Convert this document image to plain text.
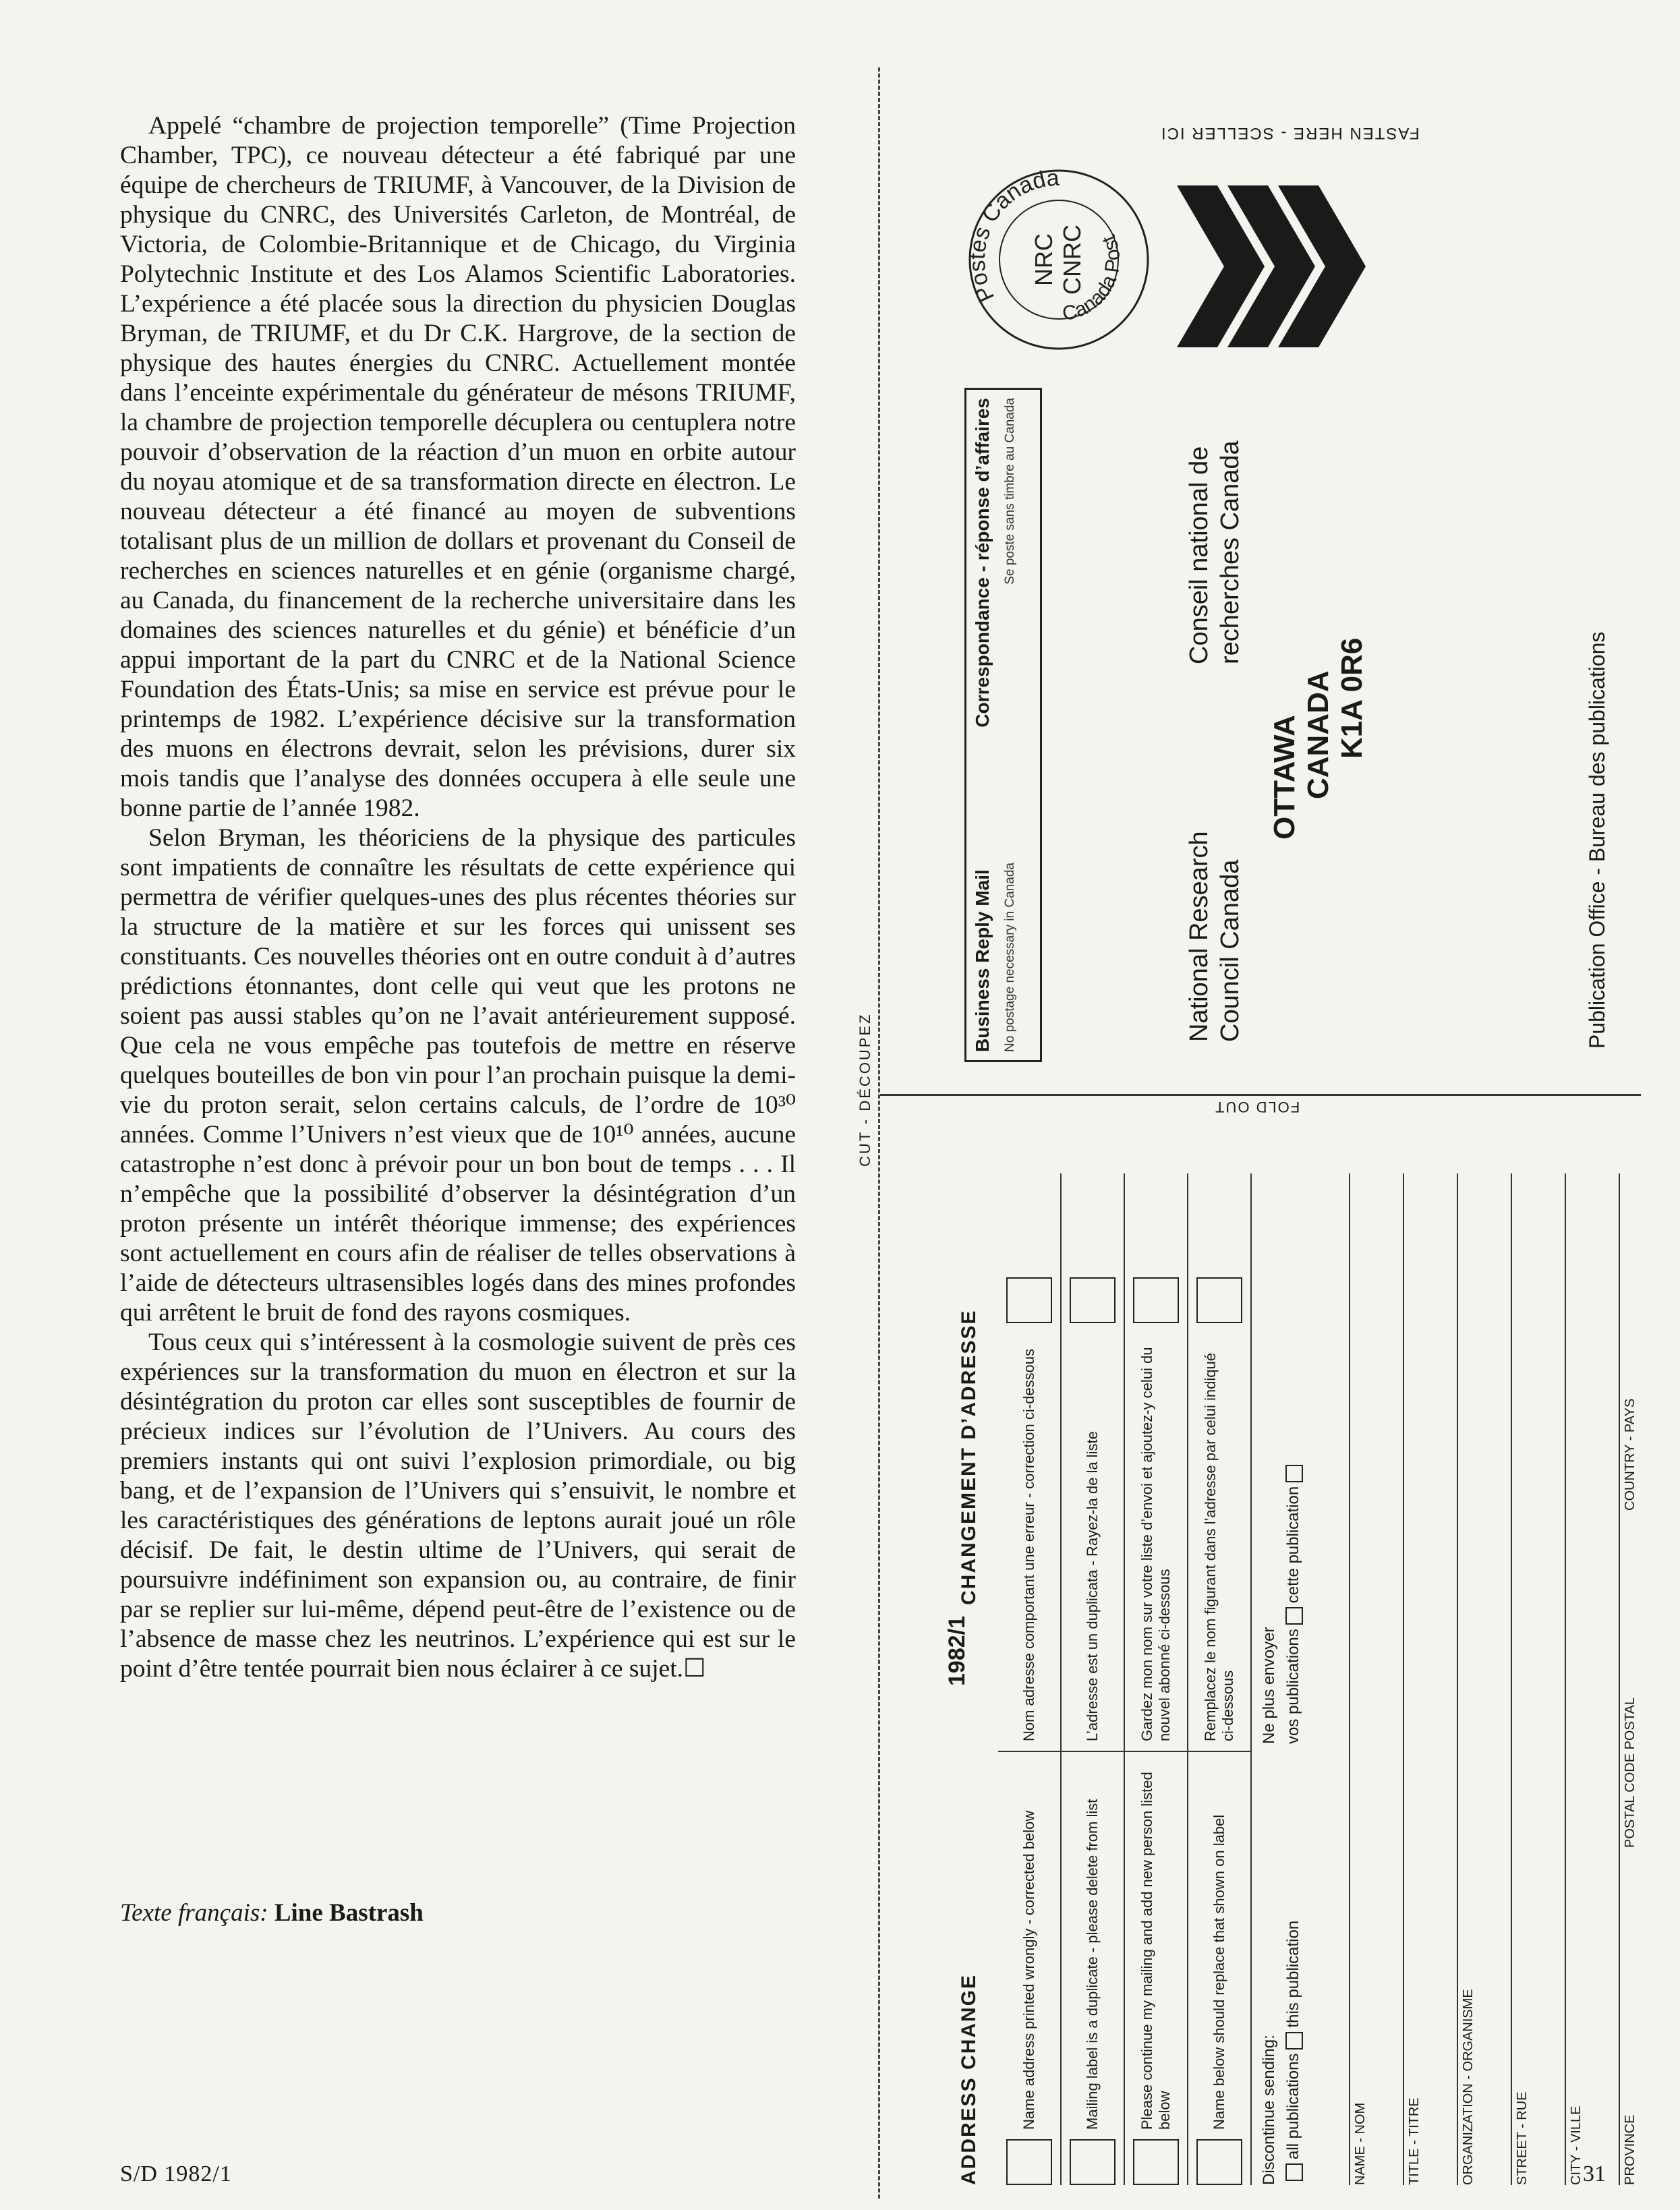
Appelé “chambre de projection temporelle” (Time Projection Chamber, TPC), ce nouveau détecteur a été fabriqué par une équipe de chercheurs de TRIUMF, à Vancouver, de la Division de physique du CNRC, des Universités Carleton, de Montréal, de Victoria, de Colombie-Britannique et de Chicago, du Virginia Polytechnic Institute et des Los Alamos Scientific Laboratories. L’expérience a été placée sous la direction du physicien Douglas Bryman, de TRIUMF, et du Dr C.K. Hargrove, de la section de physique des hautes énergies du CNRC. Actuellement montée dans l’enceinte expérimentale du générateur de mésons TRIUMF, la chambre de projection temporelle décuplera ou centuplera notre pouvoir d’observation de la réaction d’un muon en orbite autour du noyau atomique et de sa transformation directe en électron. Le nouveau détecteur a été financé au moyen de subventions totalisant plus de un million de dollars et provenant du Conseil de recherches en sciences naturelles et en génie (organisme chargé, au Canada, du financement de la recherche universitaire dans les domaines des sciences naturelles et du génie) et bénéficie d’un appui important de la part du CNRC et de la National Science Foundation des États-Unis; sa mise en service est prévue pour le printemps de 1982. L’expérience décisive sur la transformation des muons en électrons devrait, selon les prévisions, durer six mois tandis que l’analyse des données occupera à elle seule une bonne partie de l’année 1982.

Selon Bryman, les théoriciens de la physique des particules sont impatients de connaître les résultats de cette expérience qui permettra de vérifier quelques-unes des plus récentes théories sur la structure de la matière et sur les forces qui unissent ses constituants. Ces nouvelles théories ont en outre conduit à d’autres prédictions étonnantes, dont celle qui veut que les protons ne soient pas aussi stables qu’on ne l’avait antérieurement supposé. Que cela ne vous empêche pas toutefois de mettre en réserve quelques bouteilles de bon vin pour l’an prochain puisque la demi-vie du proton serait, selon certains calculs, de l’ordre de 10³⁰ années. Comme l’Univers n’est vieux que de 10¹⁰ années, aucune catastrophe n’est donc à prévoir pour un bon bout de temps . . . Il n’empêche que la possibilité d’observer la désintégration d’un proton présente un intérêt théorique immense; des expériences sont actuellement en cours afin de réaliser de telles observations à l’aide de détecteurs ultrasensibles logés dans des mines profondes qui arrêtent le bruit de fond des rayons cosmiques.

Tous ceux qui s’intéressent à la cosmologie suivent de près ces expériences sur la transformation du muon en électron et sur la désintégration du proton car elles sont susceptibles de fournir de précieux indices sur l’évolution de l’Univers. Au cours des premiers instants qui ont suivi l’explosion primordiale, ou big bang, et de l’expansion de l’Univers qui s’ensuivit, le nombre et les caractéristiques des générations de leptons aurait joué un rôle décisif. De fait, le destin ultime de l’Univers, qui serait de poursuivre indéfiniment son expansion ou, au contraire, de finir par se replier sur lui-même, dépend peut-être de l’existence ou de l’absence de masse chez les neutrinos. L’expérience qui est sur le point d’être tentée pourrait bien nous éclairer à ce sujet.☐

Texte français: Line Bastrash
S/D 1982/1	31
CUT - DÉCOUPEZ	FOLD OUT
FASTEN HERE - SCELLER ICI
Postes Canada
Canada Post
NRC CNRC
Business Reply Mail
Correspondance - réponse d’affaires
No postage necessary in Canada
Se poste sans timbre au Canada
National Research Council Canada
Conseil national de recherches Canada
OTTAWA CANADA K1A 0R6	Publication Office - Bureau des publications
ADDRESS CHANGE
1982/1
CHANGEMENT D’ADRESSE
Name address printed wrongly - corrected below
Nom adresse comportant une erreur - correction ci-dessous
Mailing label is a duplicate - please delete from list
L’adresse est un duplicata - Rayez-la de la liste
Please continue my mailing and add new person listed below
Gardez mon nom sur votre liste d’envoi et ajoutez-y celui du nouvel abonné ci-dessous
Name below should replace that shown on label
Remplacez le nom figurant dans l’adresse par celui indiqué ci-dessous
Discontinue sending: all publicationsthis publication
Ne plus envoyer vos publicationscette publication
NAME - NOM	TITLE - TITRE	ORGANIZATION - ORGANISME	STREET - RUE	CITY - VILLE	PROVINCE
POSTAL CODE POSTAL
COUNTRY - PAYS
